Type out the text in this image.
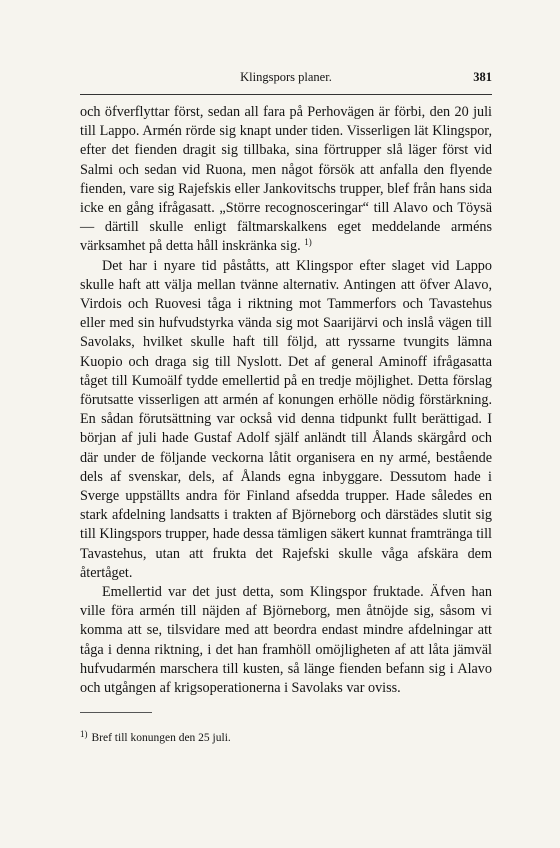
Klingspors planer.	381

och öfverflyttar först, sedan all fara på Perhovägen är förbi, den 20 juli till Lappo. Armén rörde sig knapt under tiden. Visserligen lät Klingspor, efter det fienden dragit sig tillbaka, sina förtrupper slå läger först vid Salmi och sedan vid Ruona, men något försök att anfalla den flyende fienden, vare sig Rajefskis eller Jankovitschs trupper, blef från hans sida icke en gång ifrågasatt. „Större recognosceringar“ till Alavo och Töysä — därtill skulle enligt fältmarskalkens eget meddelande arméns värksamhet på detta håll inskränka sig. $^{1)}$

Det har i nyare tid påståtts, att Klingspor efter slaget vid Lappo skulle haft att välja mellan tvänne alternativ. Antingen att öfver Alavo, Virdois och Ruovesi tåga i riktning mot Tammerfors och Tavastehus eller med sin hufvudstyrka vända sig mot Saarijärvi och inslå vägen till Savolaks, hvilket skulle haft till följd, att ryssarne tvungits lämna Kuopio och draga sig till Nyslott. Det af general Aminoff ifrågasatta tåget till Kumoälf tydde emellertid på en tredje möjlighet. Detta förslag förutsatte visserligen att armén af konungen erhölle nödig förstärkning. En sådan förutsättning var också vid denna tidpunkt fullt berättigad. I början af juli hade Gustaf Adolf själf anländt till Ålands skärgård och där under de följande veckorna låtit organisera en ny armé, bestående dels af svenskar, dels, af Ålands egna inbyggare. Dessutom hade i Sverge uppställts andra för Finland afsedda trupper. Hade således en stark afdelning landsatts i trakten af Björneborg och därstädes slutit sig till Klingspors trupper, hade dessa tämligen säkert kunnat framtränga till Tavastehus, utan att frukta det Rajefski skulle våga afskära dem återtåget.

Emellertid var det just detta, som Klingspor fruktade. Äfven han ville föra armén till näjden af Björneborg, men åtnöjde sig, såsom vi komma att se, tilsvidare med att beordra endast mindre afdelningar att tåga i denna riktning, i det han framhöll omöjligheten af att låta jämväl hufvudarmén marschera till kusten, så länge fienden befann sig i Alavo och utgången af krigsoperationerna i Savolaks var oviss.

$^{1)}$ Bref till konungen den 25 juli.
